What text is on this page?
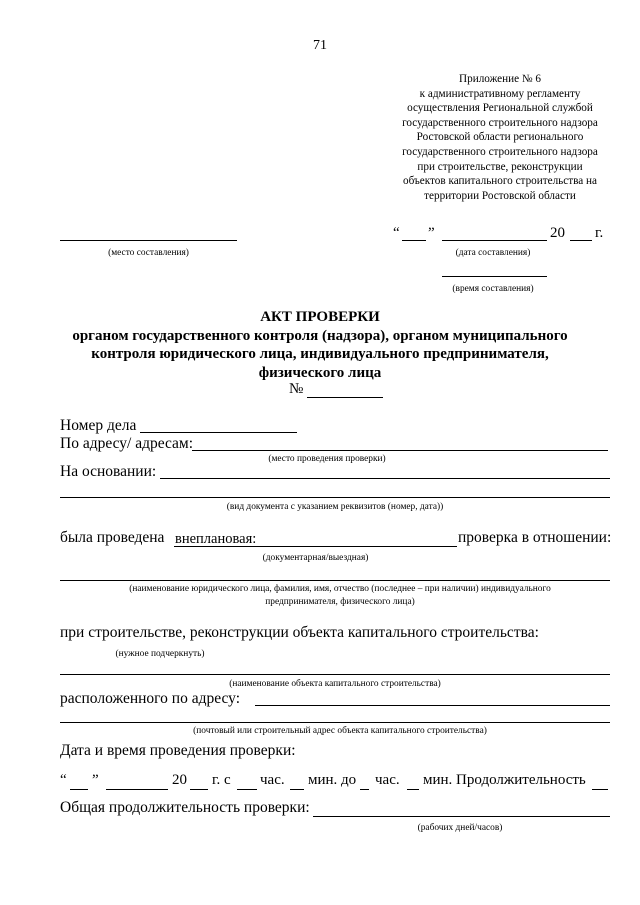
71
Приложение № 6
к административному регламенту
осуществления Региональной службой
государственного строительного надзора
Ростовской области регионального
государственного строительного надзора
при строительстве, реконструкции
объектов капитального строительства на
территории Ростовской области
(место составления)
“ ”	20 г.
(дата составления)
(время составления)
АКТ ПРОВЕРКИ
органом государственного контроля (надзора), органом муниципального
контроля юридического лица, индивидуального предпринимателя,
физического лица
№
Номер дела
По адресу/ адресам:
(место проведения проверки)
На основании:
(вид документа с указанием реквизитов (номер, дата))
была проведена внеплановая:
(документарная/выездная)
проверка в отношении:
(наименование юридического лица, фамилия, имя, отчество (последнее – при наличии) индивидуального
предпринимателя, физического лица)
при строительстве, реконструкции объекта капитального строительства:
(нужное подчеркнуть)
(наименование объекта капитального строительства)
расположенного по адресу:
(почтовый или строительный адрес объекта капитального строительства)
Дата и время проведения проверки:
“ ”	20 г. с час. мин. до час. мин. Продолжительность
Общая продолжительность проверки:
(рабочих дней/часов)
